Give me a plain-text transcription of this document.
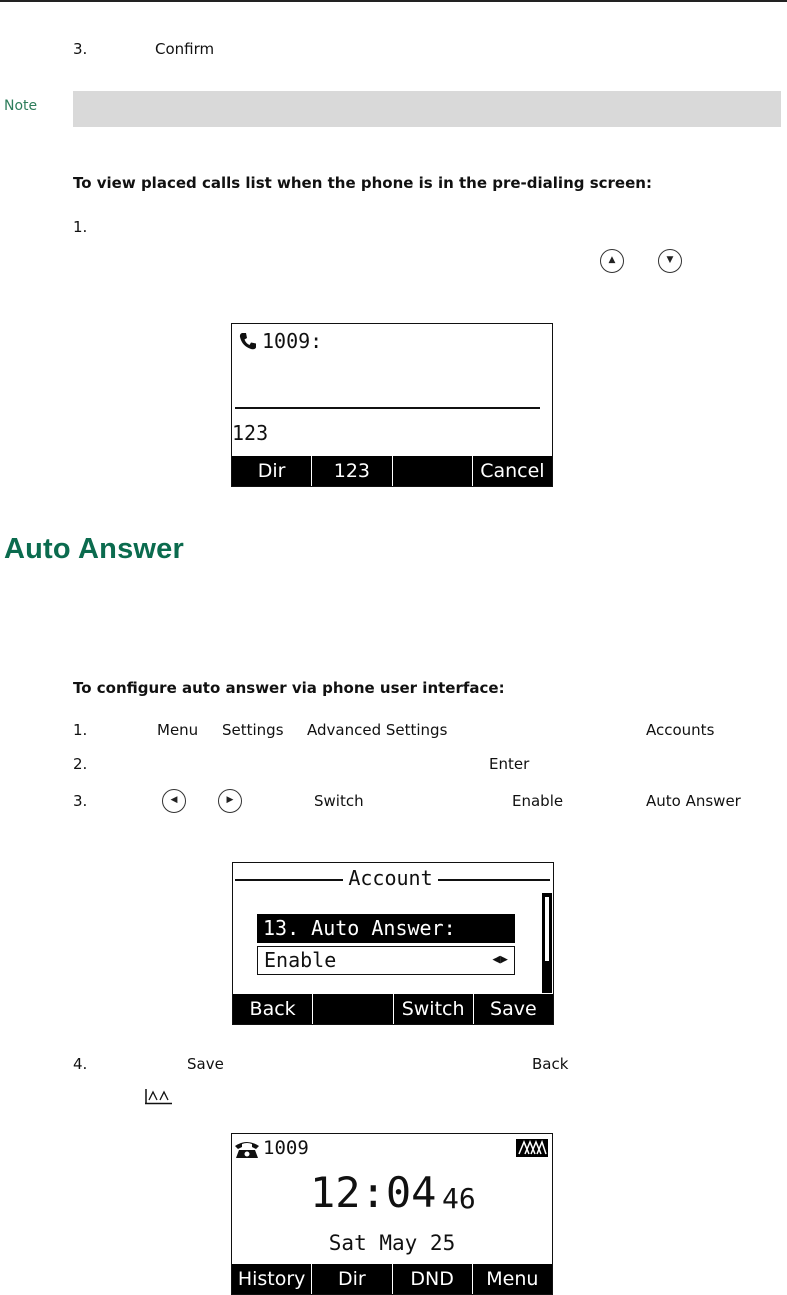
3.	Confirm
Note
To view placed calls list when the phone is in the pre-dialing screen:
1.
▲	▼
1009:
123
Dir	123	Cancel
Auto Answer
To configure auto answer via phone user interface:
1.	Menu Settings Advanced Settings	Accounts
2.	Enter
3.	◀	▶	Switch	Enable	Auto Answer
Account
13. Auto Answer:
Enable	◀▶
Back	Switch	Save
4.	Save	Back
1009
12:04 46
Sat May 25
History	Dir	DND	Menu
